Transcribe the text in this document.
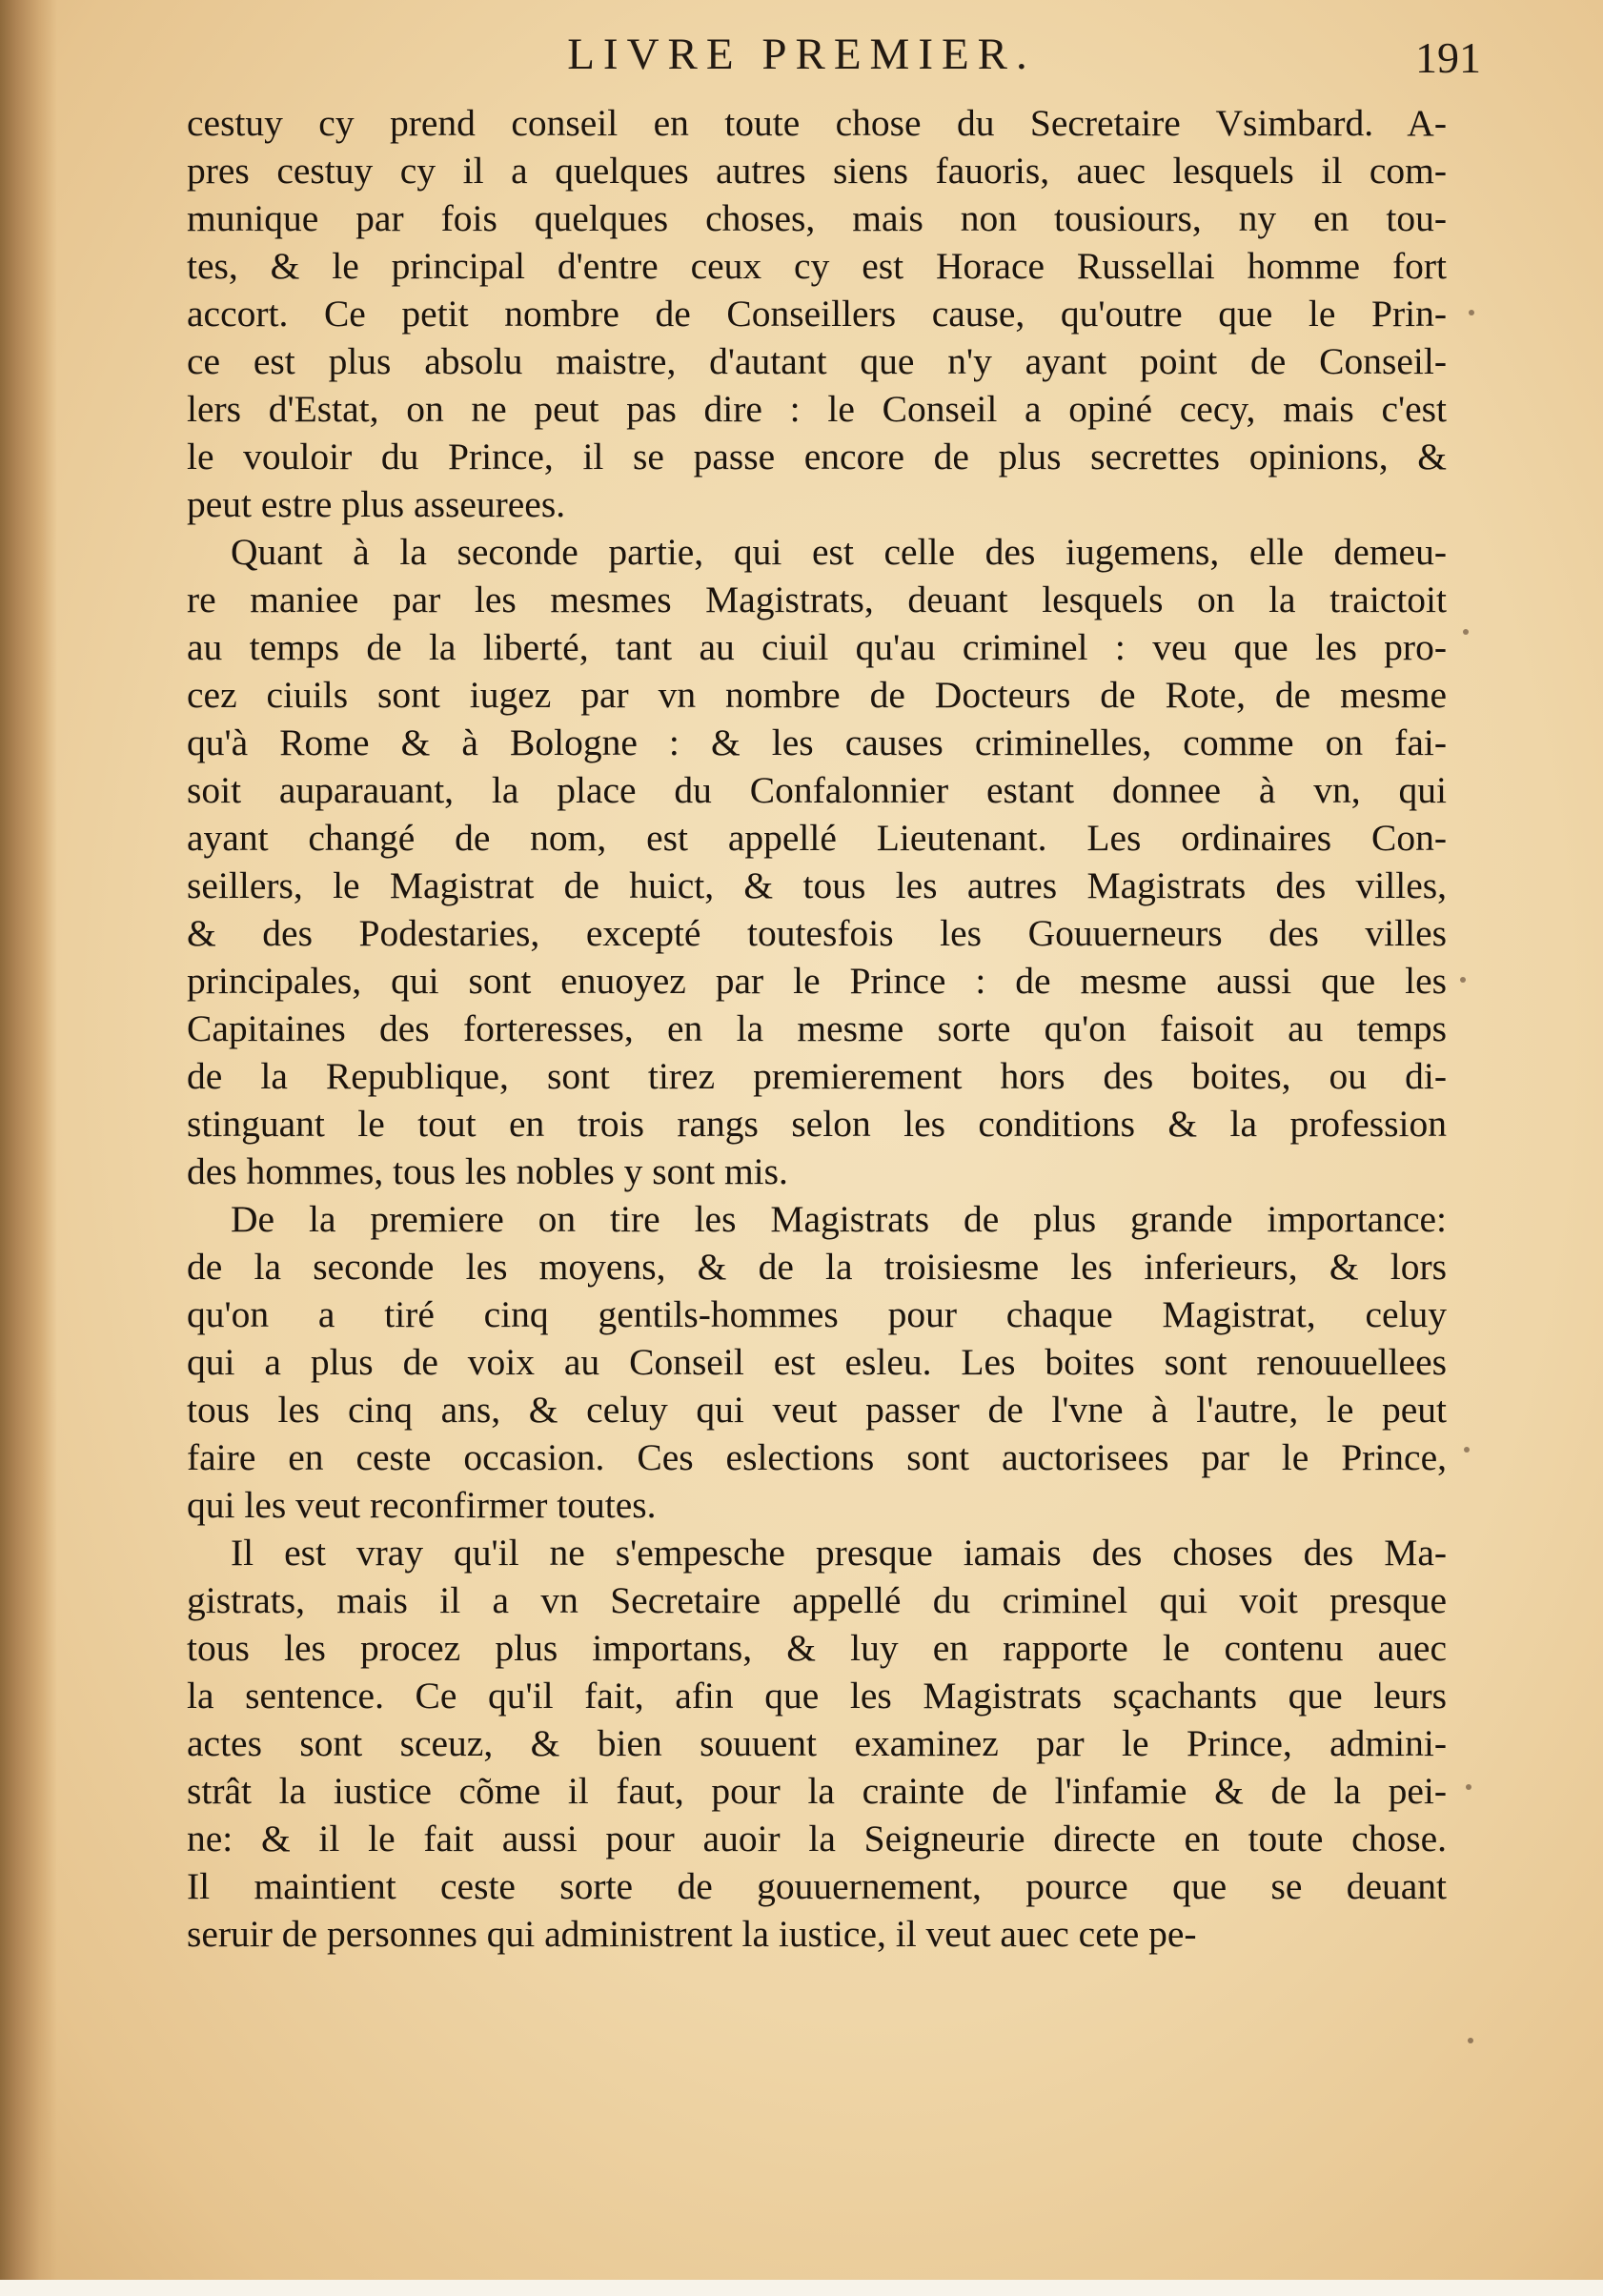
LIVRE PREMIER.	191
cestuy cy prend conseil en toute chose du Secretaire Vsimbard. A-
pres cestuy cy il a quelques autres siens fauoris, auec lesquels il com-
munique par fois quelques choses, mais non tousiours, ny en tou-
tes, & le principal d'entre ceux cy est Horace Russellai homme fort
accort. Ce petit nombre de Conseillers cause, qu'outre que le Prin-
ce est plus absolu maistre, d'autant que n'y ayant point de Conseil-
lers d'Estat, on ne peut pas dire : le Conseil a opiné cecy, mais c'est
le vouloir du Prince, il se passe encore de plus secrettes opinions, &
peut estre plus asseurees.
Quant à la seconde partie, qui est celle des iugemens, elle demeu-
re maniee par les mesmes Magistrats, deuant lesquels on la traictoit
au temps de la liberté, tant au ciuil qu'au criminel : veu que les pro-
cez ciuils sont iugez par vn nombre de Docteurs de Rote, de mesme
qu'à Rome & à Bologne : & les causes criminelles, comme on fai-
soit auparauant, la place du Confalonnier estant donnee à vn, qui
ayant changé de nom, est appellé Lieutenant. Les ordinaires Con-
seillers, le Magistrat de huict, & tous les autres Magistrats des villes,
& des Podestaries, excepté toutesfois les Gouuerneurs des villes
principales, qui sont enuoyez par le Prince : de mesme aussi que les
Capitaines des forteresses, en la mesme sorte qu'on faisoit au temps
de la Republique, sont tirez premierement hors des boites, ou di-
stinguant le tout en trois rangs selon les conditions & la profession
des hommes, tous les nobles y sont mis.
De la premiere on tire les Magistrats de plus grande importance:
de la seconde les moyens, & de la troisiesme les inferieurs, & lors
qu'on a tiré cinq gentils-hommes pour chaque Magistrat, celuy
qui a plus de voix au Conseil est esleu. Les boites sont renouuellees
tous les cinq ans, & celuy qui veut passer de l'vne à l'autre, le peut
faire en ceste occasion. Ces eslections sont auctorisees par le Prince,
qui les veut reconfirmer toutes.
Il est vray qu'il ne s'empesche presque iamais des choses des Ma-
gistrats, mais il a vn Secretaire appellé du criminel qui voit presque
tous les procez plus importans, & luy en rapporte le contenu auec
la sentence. Ce qu'il fait, afin que les Magistrats sçachants que leurs
actes sont sceuz, & bien souuent examinez par le Prince, admini-
strât la iustice cõme il faut, pour la crainte de l'infamie & de la pei-
ne: & il le fait aussi pour auoir la Seigneurie directe en toute chose.
Il maintient ceste sorte de gouuernement, pource que se deuant
seruir de personnes qui administrent la iustice, il veut auec cete pe-
